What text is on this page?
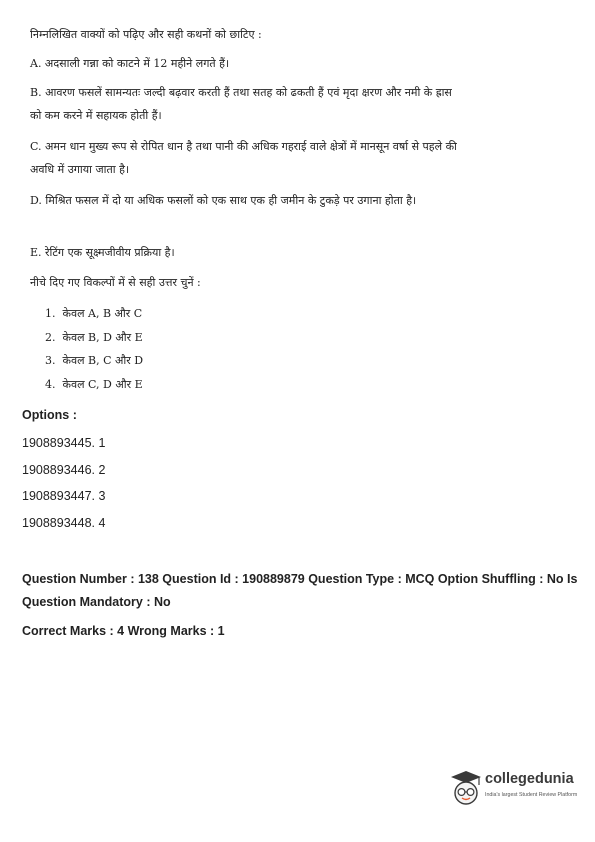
निम्नलिखित वाक्यों को पढ़िए और सही कथनों को छाटिए :
A. अदसाली गन्ना को काटने में 12 महीने लगते हैं।
B. आवरण फसलें सामन्यतः जल्दी बढ़वार करती हैं तथा सतह को ढकती हैं एवं मृदा क्षरण और नमी के ह्रास को कम करने में सहायक होती हैं।
C. अमन धान मुख्य रूप से रोपित धान है तथा पानी की अधिक गहराई वाले क्षेत्रों में मानसून वर्षा से पहले की अवधि में उगाया जाता है।
D. मिश्रित फसल में दो या अधिक फसलों को एक साथ एक ही जमीन के टुकड़े पर उगाना होता है।
E. रेटिंग एक सूक्ष्मजीवीय प्रक्रिया है।
नीचे दिए गए विकल्पों में से सही उत्तर चुनें :
1. केवल A, B और C
2. केवल B, D और E
3. केवल B, C और D
4. केवल C, D और E
Options :
1908893445. 1
1908893446. 2
1908893447. 3
1908893448. 4
Question Number : 138 Question Id : 190889879 Question Type : MCQ Option Shuffling : No Is Question Mandatory : No
Correct Marks : 4 Wrong Marks : 1
collegedunia
India's largest Student Review Platform
